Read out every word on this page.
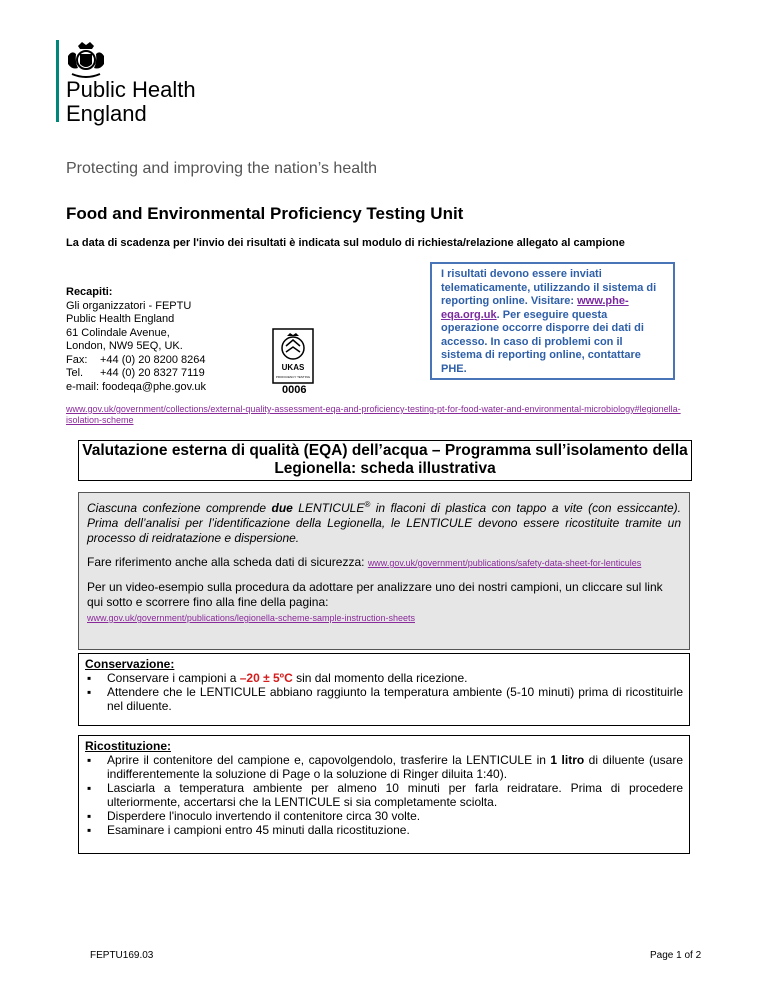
Public Health
England
Protecting and improving the nation’s health
Food and Environmental Proficiency Testing Unit
La data di scadenza per l'invio dei risultati è indicata sul modulo di richiesta/relazione allegato al campione
Recapiti:
Gli organizzatori - FEPTU
Public Health England
61 Colindale Avenue,
London, NW9 5EQ, UK.
Fax: +44 (0) 20 8200 8264
Tel. +44 (0) 20 8327 7119
e-mail: foodeqa@phe.gov.uk
UKAS
PROFICIENCY TESTING
0006
I risultati devono essere inviati telematicamente, utilizzando il sistema di reporting online. Visitare: www.phe-eqa.org.uk. Per eseguire questa operazione occorre disporre dei dati di accesso. In caso di problemi con il sistema di reporting online, contattare PHE.
www.gov.uk/government/collections/external-quality-assessment-eqa-and-proficiency-testing-pt-for-food-water-and-environmental-microbiology#legionella-isolation-scheme
Valutazione esterna di qualità (EQA) dell’acqua – Programma sull’isolamento della Legionella: scheda illustrativa

Ciascuna confezione comprende due LENTICULE® in flaconi di plastica con tappo a vite (con essiccante). Prima dell’analisi per l’identificazione della Legionella, le LENTICULE devono essere ricostituite tramite un processo di reidratazione e dispersione.

Fare riferimento anche alla scheda dati di sicurezza: www.gov.uk/government/publications/safety-data-sheet-for-lenticules

Per un video-esempio sulla procedura da adottare per analizzare uno dei nostri campioni, un cliccare sul link qui sotto e scorrere fino alla fine della pagina:
www.gov.uk/government/publications/legionella-scheme-sample-instruction-sheets

Conservazione:
▪ Conservare i campioni a –20 ± 5ºC sin dal momento della ricezione.
▪ Attendere che le LENTICULE abbiano raggiunto la temperatura ambiente (5-10 minuti) prima di ricostituirle nel diluente.
Ricostituzione:
▪ Aprire il contenitore del campione e, capovolgendolo, trasferire la LENTICULE in 1 litro di diluente (usare indifferentemente la soluzione di Page o la soluzione di Ringer diluita 1:40).
▪ Lasciarla a temperatura ambiente per almeno 10 minuti per farla reidratare. Prima di procedere ulteriormente, accertarsi che la LENTICULE si sia completamente sciolta.
▪ Disperdere l'inoculo invertendo il contenitore circa 30 volte.
▪ Esaminare i campioni entro 45 minuti dalla ricostituzione.
FEPTU169.03	Page 1 of 2
